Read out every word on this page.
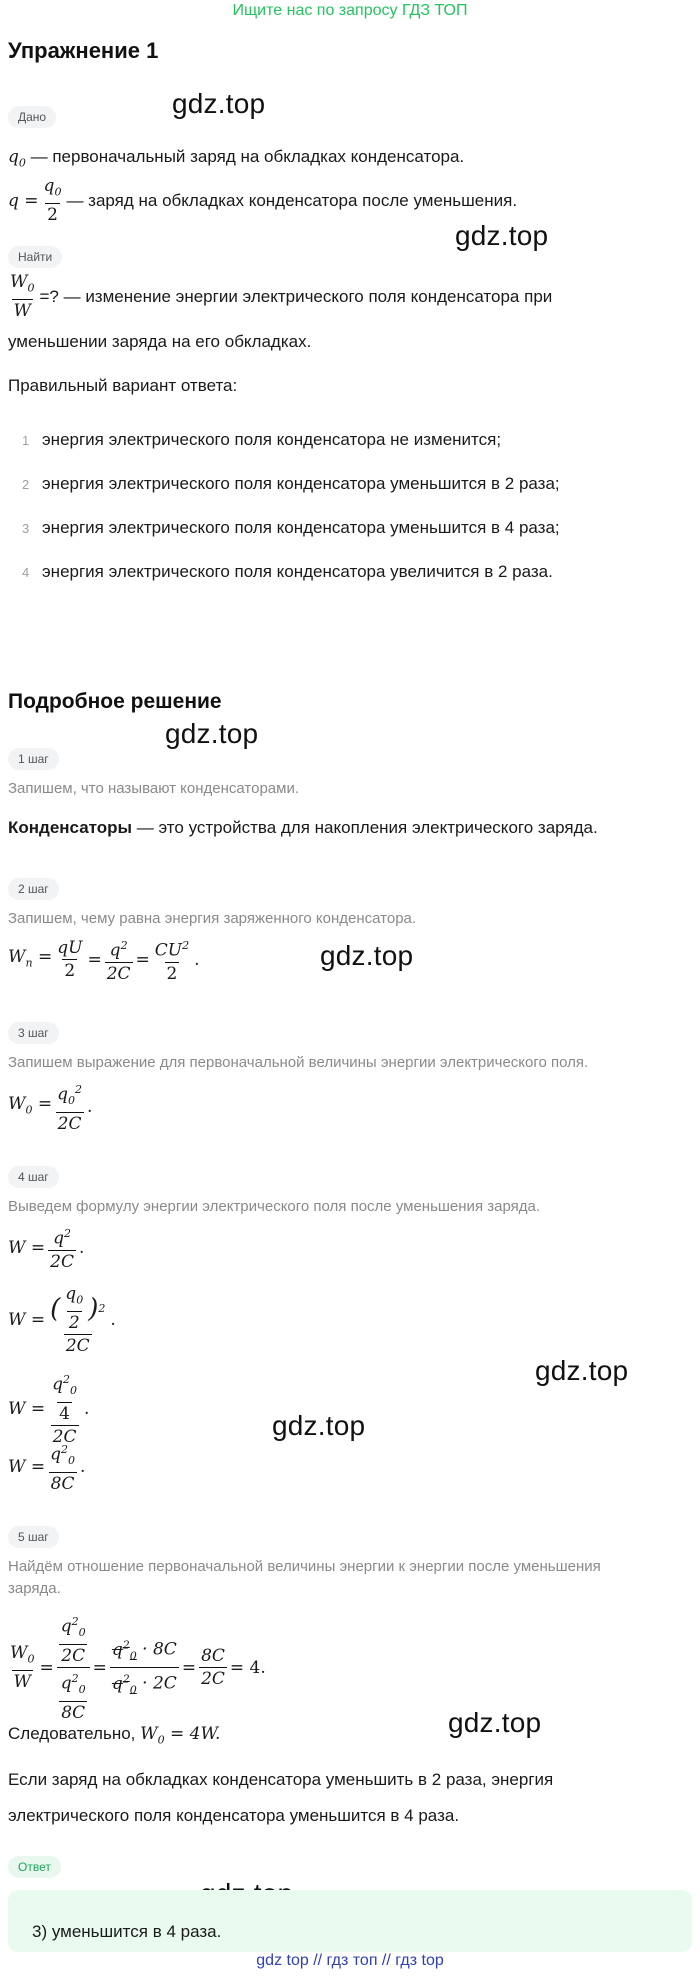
Ищите нас по запросу ГДЗ ТОП
Упражнение 1
gdz.top
gdz.top
gdz.top
gdz.top
gdz.top
gdz.top
gdz.top
Дано
$q_0$ — первоначальный заряд на обкладках конденсатора.
$q = \frac{q_0}{2}$ — заряд на обкладках конденсатора после уменьшения.
Найти
$\frac{W_0}{W}$ =? — изменение энергии электрического поля конденсатора при
уменьшении заряда на его обкладках.
Правильный вариант ответа:
1 энергия электрического поля конденсатора не изменится;
2 энергия электрического поля конденсатора уменьшится в 2 раза;
3 энергия электрического поля конденсатора уменьшится в 4 раза;
4 энергия электрического поля конденсатора увеличится в 2 раза.
Подробное решение
1 шаг
Запишем, что называют конденсаторами.
Конденсаторы — это устройства для накопления электрического заряда.
2 шаг
Запишем, чему равна энергия заряженного конденсатора.
$W_п = \frac{qU}{2} = \frac{q^2}{2C} = \frac{CU^2}{2}$ .
3 шаг
Запишем выражение для первоначальной величины энергии электрического поля.
$W_0 = \frac{q_0^2}{2C}$ .
4 шаг
Выведем формулу энергии электрического поля после уменьшения заряда.
$W = \frac{q^2}{2C}$ .
$W = \frac{( \frac{q_0}{2} ) 2}{2C}$ .
$W = \frac{\frac{q^2_0}{4}}{2C}$ .
$W = \frac{q^2_0}{8C}$ .
5 шаг
Найдём отношение первоначальной величины энергии к энергии после уменьшения
заряда.
$\frac{W_0}{W} = \frac{\frac{q^2_0}{2C}}{\frac{q^2_0}{8C}} = \frac{q^2_0 \cdot 8C}{q^2_0 \cdot 2C} = \frac{8C}{2C} = 4$.
Следовательно, $W_0 = 4W$.
Если заряд на обкладках конденсатора уменьшить в 2 раза, энергия
электрического поля конденсатора уменьшится в 4 раза.
Ответ
3) уменьшится в 4 раза.
gdz top // гдз топ // гдз top
